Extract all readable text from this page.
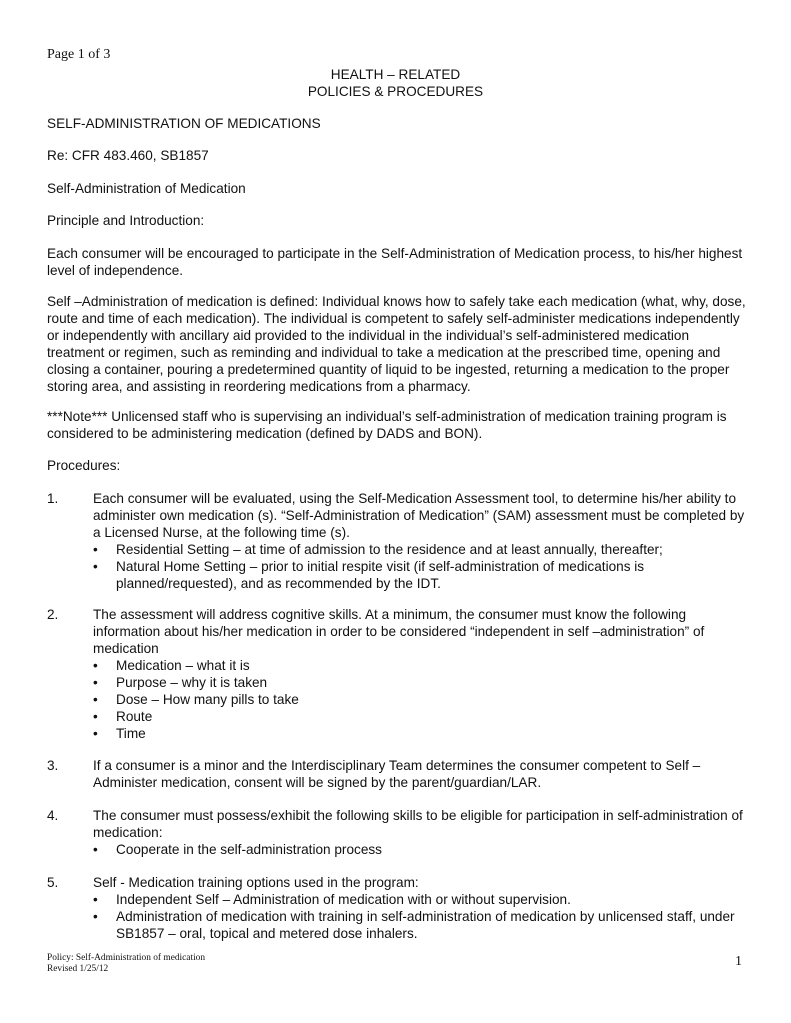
Page 1 of 3
HEALTH – RELATED
POLICIES & PROCEDURES
SELF-ADMINISTRATION OF MEDICATIONS
Re: CFR 483.460, SB1857
Self-Administration of Medication
Principle and Introduction:
Each consumer will be encouraged to participate in the Self-Administration of Medication process, to his/her highest level of independence.
Self –Administration of medication is defined: Individual knows how to safely take each medication (what, why, dose, route and time of each medication). The individual is competent to safely self-administer medications independently or independently with ancillary aid provided to the individual in the individual’s self-administered medication treatment or regimen, such as reminding and individual to take a medication at the prescribed time, opening and closing a container, pouring a predetermined quantity of liquid to be ingested, returning a medication to the proper storing area, and assisting in reordering medications from a pharmacy.
***Note*** Unlicensed staff who is supervising an individual’s self-administration of medication training program is considered to be administering medication (defined by DADS and BON).
Procedures:
1.	Each consumer will be evaluated, using the Self-Medication Assessment tool, to determine his/her ability to administer own medication (s). “Self-Administration of Medication” (SAM) assessment must be completed by a Licensed Nurse, at the following time (s).
•	Residential Setting – at time of admission to the residence and at least annually, thereafter;
•	Natural Home Setting – prior to initial respite visit (if self-administration of medications is planned/requested), and as recommended by the IDT.
2.	The assessment will address cognitive skills. At a minimum, the consumer must know the following information about his/her medication in order to be considered “independent in self –administration” of medication
•	Medication – what it is
•	Purpose – why it is taken
•	Dose – How many pills to take
•	Route
•	Time
3.	If a consumer is a minor and the Interdisciplinary Team determines the consumer competent to Self – Administer medication, consent will be signed by the parent/guardian/LAR.
4.	The consumer must possess/exhibit the following skills to be eligible for participation in self-administration of medication:
•	Cooperate in the self-administration process
5.	Self - Medication training options used in the program:
•	Independent Self – Administration of medication with or without supervision.
•	Administration of medication with training in self-administration of medication by unlicensed staff, under SB1857 – oral, topical and metered dose inhalers.
Policy: Self-Administration of medication
Revised 1/25/12	1
